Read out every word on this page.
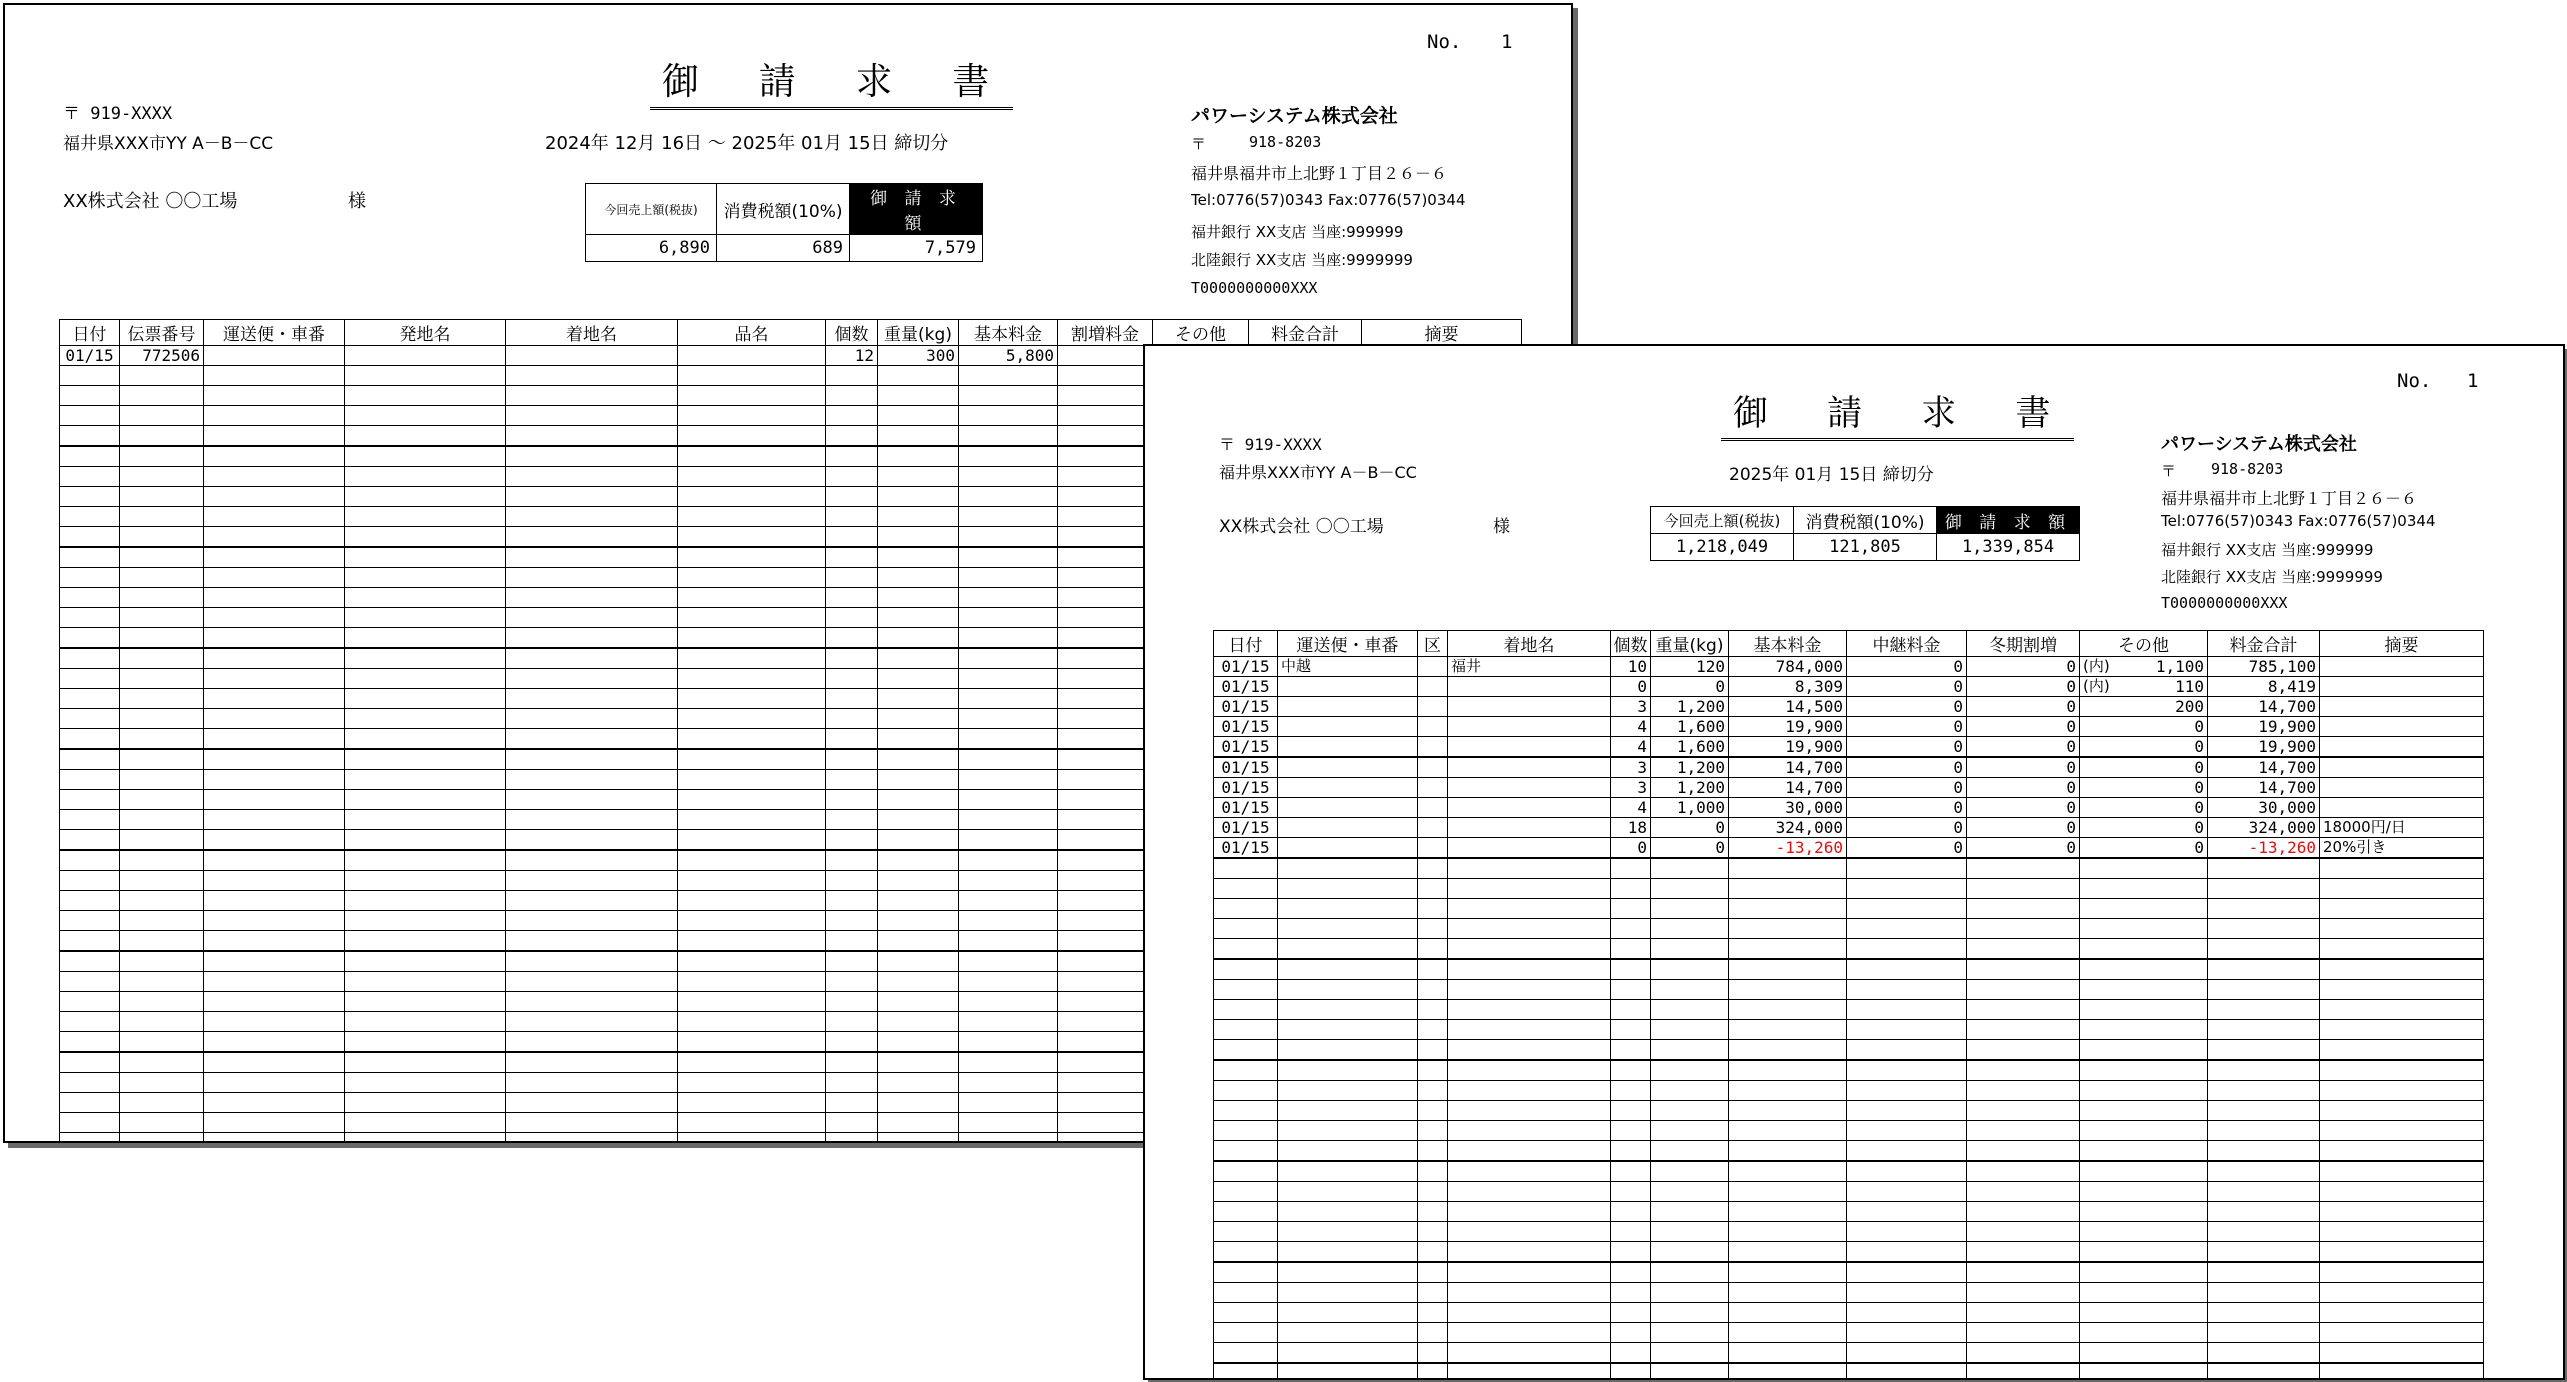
No. 1
御 請 求 書
〒 919-XXXX
福井県XXX市YY A－B－CC
XX株式会社 〇〇工場	様
2024年 12月 16日 ～ 2025年 01月 15日 締切分
今回売上額(税抜)	消費税額(10%)	御 請 求 額
6,890	689	7,579
パワーシステム株式会社
〒	918-8203
福井県福井市上北野１丁目２６－６
Tel:0776(57)0343 Fax:0776(57)0344
福井銀行 XX支店 当座:999999
北陸銀行 XX支店 当座:9999999
T0000000000XXX
日付	伝票番号	運送便・車番	発地名	着地名	品名	個数	重量(kg)	基本料金	割増料金	その他	料金合計	摘要
01/15	772506					12	300	5,800				

No. 1
御 請 求 書
〒 919-XXXX
福井県XXX市YY A－B－CC
XX株式会社 〇〇工場	様
2025年 01月 15日 締切分
今回売上額(税抜)	消費税額(10%)	御 請 求 額
1,218,049	121,805	1,339,854
パワーシステム株式会社
〒 918-8203
福井県福井市上北野１丁目２６－６
Tel:0776(57)0343 Fax:0776(57)0344
福井銀行 XX支店 当座:999999
北陸銀行 XX支店 当座:9999999
T0000000000XXX
日付	運送便・車番	区	着地名	個数	重量(kg)	基本料金	中継料金	冬期割増	その他		料金合計	摘要
01/15	中越		福井	10	120	784,000	0	0	(内)	1,100	785,100	
01/15				0	0	8,309	0	0	(内)	110	8,419	
01/15				3	1,200	14,500	0	0		200	14,700	
01/15				4	1,600	19,900	0	0		0	19,900	
01/15				4	1,600	19,900	0	0		0	19,900	
01/15				3	1,200	14,700	0	0		0	14,700	
01/15				3	1,200	14,700	0	0		0	14,700	
01/15				4	1,000	30,000	0	0		0	30,000	
01/15				18	0	324,000	0	0		0	324,000	18000円/日
01/15				0	0	-13,260	0	0		0	-13,260	20%引き
